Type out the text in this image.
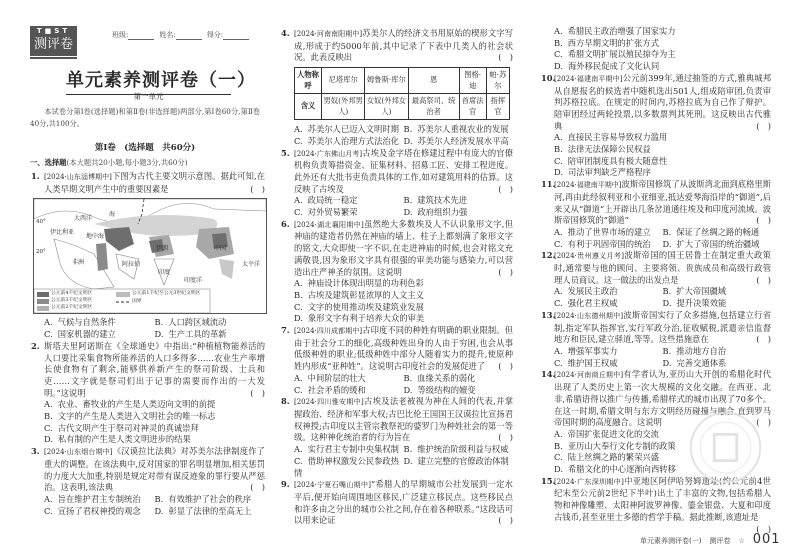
T■ST
测评卷
班级:	姓名:	得分:
单元素养测评卷（一）
第一单元
本试卷分第Ⅰ卷(选择题)和第Ⅱ卷(非选择题)两部分,第Ⅰ卷60分,第Ⅱ卷40分,共100分。
第Ⅰ卷　(选择题　共60分)
一、选择题(本大题共20小题,每小题3分,共60分)
1. [2024·山东淄博期中]下图为古代主要文明示意图。据此可知,在人类早期文明产生中的重要因素是	(　)
大西洋
地中海
伊比利亚
非洲	阿拉伯
伊朗
印度
中国
太平洋
印度洋
海
40°
20°
公元前4千纪文明区
公元前3千纪文明区
公元前2千纪文明区
公元前1千纪至公元3世纪文明区
国界
A. 气候与自然条件	B. 人口跨区域流动
C. 国家机器的建立	D. 生产工具的革新
2. 斯塔夫里阿诺斯在《全球通史》中指出:“种植植物能养活的人口要比采集食物所能养活的人口多得多……农业生产率增长使食物有了剩余,能够供养新产生的祭司阶级、士兵和吏……文字就是祭司们出于记事的需要而作出的一大发明。”这说明	(　)
A. 农业、畜牧业的产生是人类迈向文明的前提
B. 文字的产生是人类进入文明社会的唯一标志
C. 古代文明产生于祭司对神灵的真诚崇拜
D. 私有制的产生是人类文明进步的结果
3. [2024·山东烟台期中]《汉谟拉比法典》对苏美尔法律制度作了重大的调整。在该法典中,反对国家的罪名明显增加,相关惩罚的力度大大加重,特别是规定对带有谋反迹象的罪行要从严惩治。这表明,该法典	(　)
A. 旨在维护君主专制统治	B. 有效维护了社会的秩序
C. 宣扬了君权神授的观念	D. 彰显了法律的至高无上
4. [2024·河南南阳期中]苏美尔人的经济文书用原始的楔形文字写成,形成于约5000年前,其中记录了下表中几类人的社会状况。此表反映出	(　)
人物称呼	尼塔库尔	姆鲁斯·库尔	恩	图格·迪	帕·苏尔
含义	男奴(外邦男人)	女奴(外邦女人)	最高祭司、统治者	首席法官	指挥官
A. 苏美尔人已迈入文明时期 B. 苏美尔人重视农业的发展
C. 苏美尔人治理方式法治化 D. 苏美尔人经济发展水平高
5. [2024·广东佛山月考]古埃及金字塔在修建过程中有庞大的官僚机构负责筹措资金、征集材料、招募工匠、安排工程进度。此外还有大批书吏负责具体的工作,如对建筑用料的估算。这反映了古埃及	(　)
A. 政局统一稳定	B. 建筑技术先进
C. 对外贸易繁荣	D. 政府组织力强
6. [2024·湖北襄阳期中]虽然绝大多数埃及人不认识象形文字,但神庙的建造者仍然在神庙的墙上、柱子上都刻满了象形文字的铭文,大众即使一字不识,在走进神庙的时候,也会对铭文充满敬畏,因为象形文字具有很强的审美功能与感染力,可以营造出庄严神圣的氛围。这说明	(　)
A. 神庙设计体现出明显的功利色彩
B. 古埃及建筑彰显浓厚的人文主义
C. 文字的使用推动埃及建筑业发展
D. 象形文字有利于培养大众的审美
7. [2024·四川成都期中]古印度不同的种姓有明确的职业限制。但由于社会分工的细化,高级种姓出身的人由于穷困,也会从事低级种姓的职业;低级种姓中部分人随着实力的提升,使原种姓内形成“亚种姓”。这说明古印度社会的发展促进了 (　)
A. 中间阶层的壮大	B. 血缘关系的弱化
C. 社会矛盾的缓和	D. 等级结构的嬗变
8. [2024·四川雅安期中]古埃及法老被视为神在人间的代表,并掌握政治、经济和军事大权;古巴比伦王国国王汉谟拉比宣扬君权神授;古印度以主管宗教祭祀的婆罗门为种姓社会的第一等级。这种神化统治者的行为旨在	(　)
A. 实行君主专制中央集权制 B. 维护统治阶级利益与权威
C. 借助神权激发公民参政热情
D. 建立完整的官僚政治体制
9. [2024·宁夏石嘴山期中]“希腊人的早期城市公社发展到一定水平后,便开始向周围地区移民,广泛建立移民点。这些移民点和许多由之分出的城市公社之间,存在着各种联系。”这段话可以用来论证	(　)
A. 希腊民主政治增强了国家实力
B. 西方早期文明的扩张方式
C. 希腊文明扩展以殖民掠夺为主
D. 海外移民促成了文化认同
10.
[2024·福建南平期中]公元前399年,通过抽签的方式,雅典城邦从自愿报名的候选者中随机选出501人,组成陪审团,负责审判苏格拉底。在规定的时间内,苏格拉底为自己作了辩护。陪审团经过两轮投票,以多数票判其死刑。这反映出古代雅典	(　)
A. 直接民主容易导致权力滥用
B. 法律无法保障公民权益
C. 陪审团制度具有极大随意性
D. 司法审判缺乏严格程序
11.
[2024·福建南平期中]波斯帝国修筑了从波斯湾北面到底格里斯河,再由此经叙利亚和小亚细亚,抵达爱琴海沿岸的“御道”,后来又从“御道”上开辟出几条岔道通往埃及和印度河流域。波斯帝国修筑的“御道”	(　)
A. 推动了世界市场的建立	B. 保证了丝绸之路的畅通
C. 有利于巩固帝国的统治	D. 扩大了帝国的统治疆域
12.
[2024·贵州遵义月考]波斯帝国的国王居鲁士在制定重大政策时,通常要与他的顾问、主要将领、贵族成员和高级行政管理人员商议。这一做法的出发点是	(　)
A. 发展民主政治	B. 扩大帝国疆域
C. 强化君主权威	D. 提升决策效能
13.
[2024·山东德州期中]波斯帝国实行了众多措施,包括建立行省制,指定军队指挥官,实行军政分治,征收赋税,派遣亲信监督地方和臣民,建立驿道,等等。这些措施意在	(　)
A. 增强军事实力	B. 推动地方自治
C. 维护国王权威	D. 完善交通体系
14.
[2024·河南商丘期中]有学者认为,亚历山大开创的希腊化时代出现了人类历史上第一次大规模的文化交融。在西亚、北非,希腊语得以推广与传播,希腊样式的城市出现了70多个。在这一时期,希腊文明与东方文明经历碰撞与融合,直到罗马帝国时期的高度融合。这说明	(　)
A. 帝国扩张促进文化的交流
B. 亚历山大奉行文化专制的政策
C. 陆上丝绸之路的繁荣兴盛
D. 希腊文化的中心逐渐向西转移
15.
[2024·广东深圳期中]中亚地区阿伊哈努姆遗址(约公元前4世纪末至公元前2世纪下半叶)出土了丰富的文物,包括希腊人物和神像雕塑、太阳神阿波罗神像、鎏金银盘、大夏和印度古钱币,甚至亚里士多德的哲学手稿。据此推断,该遗址是
(　)
单元素养测评卷(一) 测评卷 ☆ 001
